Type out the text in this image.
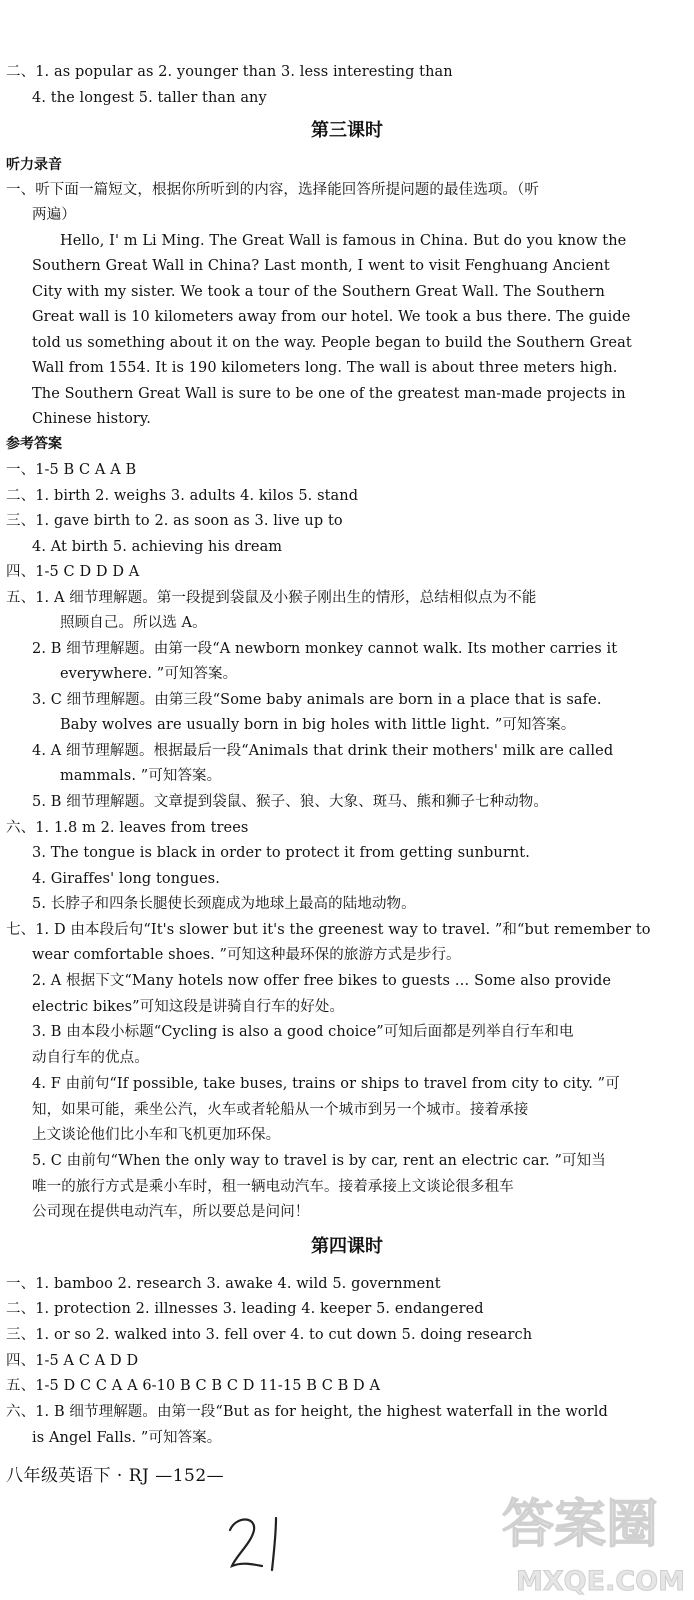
二、1. as popular as 2. younger than 3. less interesting than
4. the longest 5. taller than any
第三课时
听力录音
一、听下面一篇短文，根据你所听到的内容，选择能回答所提问题的最佳选项。（听
两遍）
Hello, I' m Li Ming. The Great Wall is famous in China. But do you know the
Southern Great Wall in China? Last month, I went to visit Fenghuang Ancient
City with my sister. We took a tour of the Southern Great Wall. The Southern
Great wall is 10 kilometers away from our hotel. We took a bus there. The guide
told us something about it on the way. People began to build the Southern Great
Wall from 1554. It is 190 kilometers long. The wall is about three meters high.
The Southern Great Wall is sure to be one of the greatest man-made projects in
Chinese history.
参考答案
一、1-5 B C A A B
二、1. birth 2. weighs 3. adults 4. kilos 5. stand
三、1. gave birth to 2. as soon as 3. live up to
4. At birth 5. achieving his dream
四、1-5 C D D D A
五、1. A 细节理解题。第一段提到袋鼠及小猴子刚出生的情形，总结相似点为不能
照顾自己。所以选 A。
2. B 细节理解题。由第一段“A newborn monkey cannot walk. Its mother carries it
everywhere. ”可知答案。
3. C 细节理解题。由第三段“Some baby animals are born in a place that is safe.
Baby wolves are usually born in big holes with little light. ”可知答案。
4. A 细节理解题。根据最后一段“Animals that drink their mothers' milk are called
mammals. ”可知答案。
5. B 细节理解题。文章提到袋鼠、猴子、狼、大象、斑马、熊和狮子七种动物。
六、1. 1.8 m 2. leaves from trees
3. The tongue is black in order to protect it from getting sunburnt.
4. Giraffes' long tongues.
5. 长脖子和四条长腿使长颈鹿成为地球上最高的陆地动物。
七、1. D 由本段后句“It's slower but it's the greenest way to travel. ”和“but remember to
wear comfortable shoes. ”可知这种最环保的旅游方式是步行。
2. A 根据下文“Many hotels now offer free bikes to guests … Some also provide
electric bikes”可知这段是讲骑自行车的好处。
3. B 由本段小标题“Cycling is also a good choice”可知后面都是列举自行车和电
动自行车的优点。
4. F 由前句“If possible, take buses, trains or ships to travel from city to city. ”可
知，如果可能，乘坐公汽，火车或者轮船从一个城市到另一个城市。接着承接
上文谈论他们比小车和飞机更加环保。
5. C 由前句“When the only way to travel is by car, rent an electric car. ”可知当
唯一的旅行方式是乘小车时，租一辆电动汽车。接着承接上文谈论很多租车
公司现在提供电动汽车，所以要总是问问！
第四课时
一、1. bamboo 2. research 3. awake 4. wild 5. government
二、1. protection 2. illnesses 3. leading 4. keeper 5. endangered
三、1. or so 2. walked into 3. fell over 4. to cut down 5. doing research
四、1-5 A C A D D
五、1-5 D C C A A 6-10 B C B C D 11-15 B C B D A
六、1. B 细节理解题。由第一段“But as for height, the highest waterfall in the world
is Angel Falls. ”可知答案。
八年级英语下 · RJ —152—
答案圈
MXQE.COM
